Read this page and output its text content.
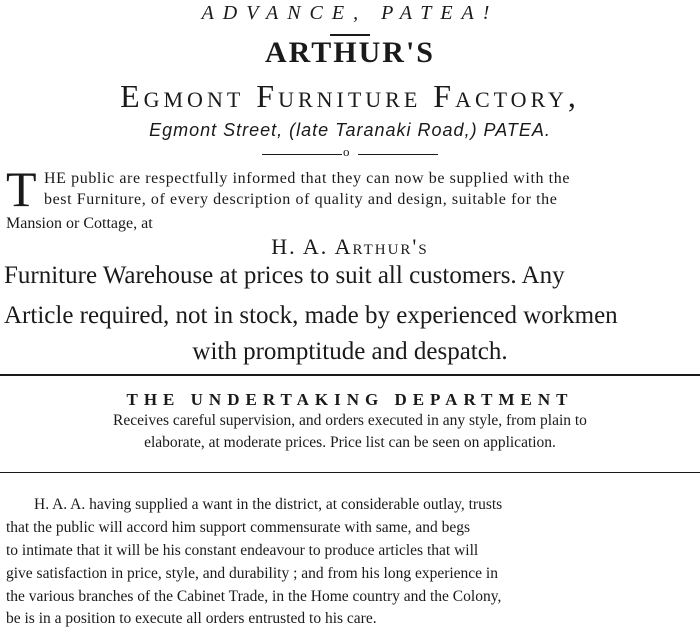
ADVANCE, PATEA!
ARTHUR'S
Egmont Furniture Factory,
Egmont Street, (late Taranaki Road,) PATEA.
o
T HE public are respectfully informed that they can now be supplied with the
best Furniture, of every description of quality and design, suitable for the
Mansion or Cottage, at
H. A. Arthur's
Furniture Warehouse at prices to suit all customers. Any
Article required, not in stock, made by experienced workmen
with promptitude and despatch.
THE UNDERTAKING DEPARTMENT
Receives careful supervision, and orders executed in any style, from plain to
elaborate, at moderate prices. Price list can be seen on application.
H. A. A. having supplied a want in the district, at considerable outlay, trusts
that the public will accord him support commensurate with same, and begs
to intimate that it will be his constant endeavour to produce articles that will
give satisfaction in price, style, and durability ; and from his long experience in
the various branches of the Cabinet Trade, in the Home country and the Colony,
be is in a position to execute all orders entrusted to his care.
